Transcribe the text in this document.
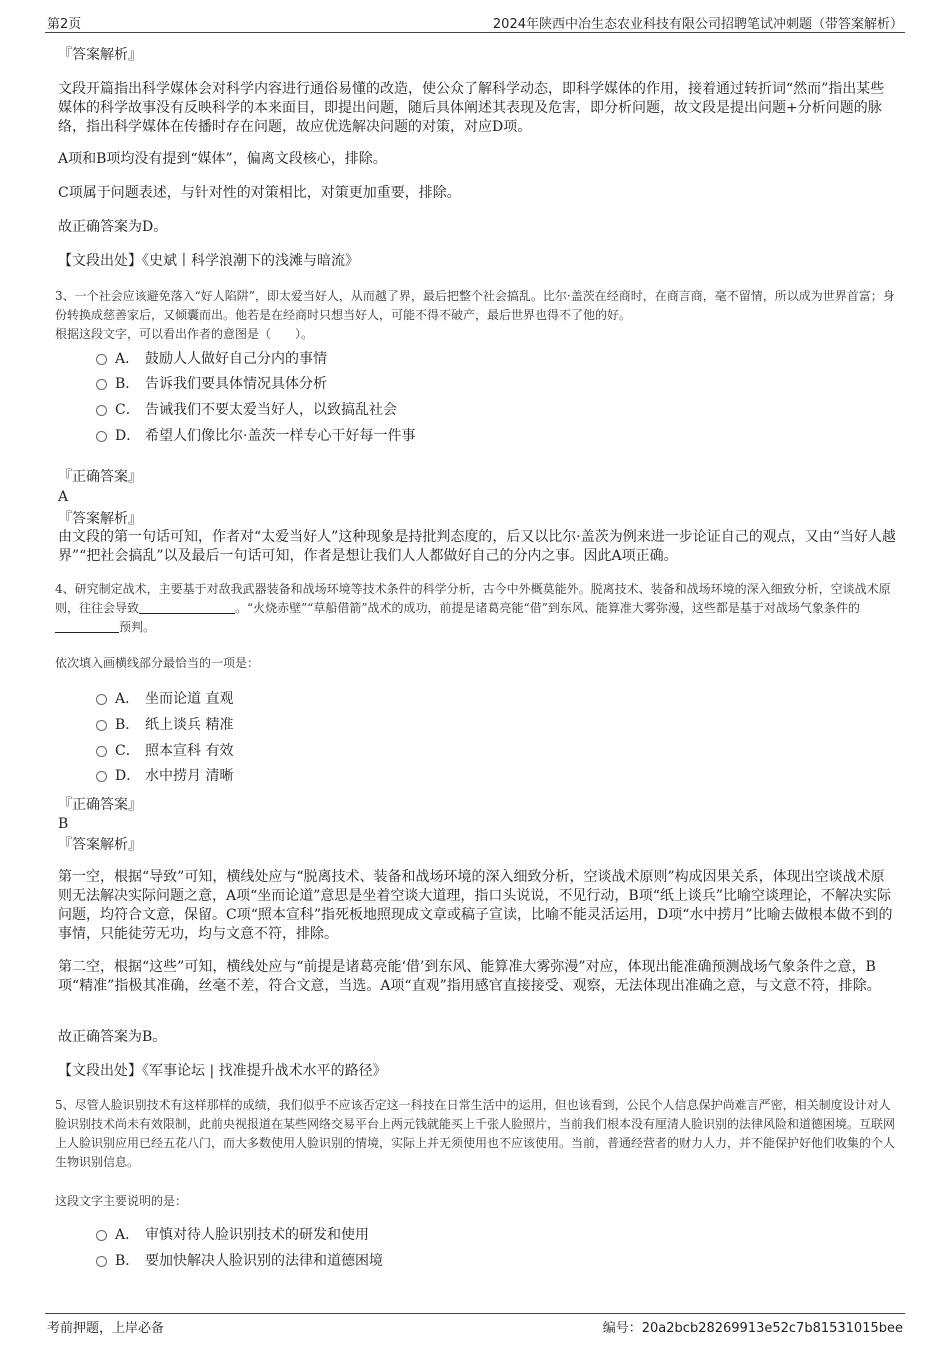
第2页	2024年陕西中冶生态农业科技有限公司招聘笔试冲刺题（带答案解析）
『答案解析』
文段开篇指出科学媒体会对科学内容进行通俗易懂的改造，使公众了解科学动态，即科学媒体的作用，接着通过转折词“然而”指出某些媒体的科学故事没有反映科学的本来面目，即提出问题，随后具体阐述其表现及危害，即分析问题，故文段是提出问题+分析问题的脉络，指出科学媒体在传播时存在问题，故应优选解决问题的对策，对应D项。
A项和B项均没有提到“媒体”，偏离文段核心，排除。
C项属于问题表述，与针对性的对策相比，对策更加重要，排除。
故正确答案为D。
【文段出处】《史斌丨科学浪潮下的浅滩与暗流》
3、一个社会应该避免落入“好人陷阱”，即太爱当好人，从而越了界，最后把整个社会搞乱。比尔·盖茨在经商时，在商言商，毫不留情，所以成为世界首富；身份转换成慈善家后，又倾囊而出。他若是在经商时只想当好人，可能不得不破产，最后世界也得不了他的好。
根据这段文字，可以看出作者的意图是（　　）。
A． 鼓励人人做好自己分内的事情
B． 告诉我们要具体情况具体分析
C． 告诫我们不要太爱当好人，以致搞乱社会
D． 希望人们像比尔·盖茨一样专心干好每一件事
『正确答案』
A
『答案解析』
由文段的第一句话可知，作者对“太爱当好人”这种现象是持批判态度的，后又以比尔·盖茨为例来进一步论证自己的观点，又由“当好人越界”“把社会搞乱”以及最后一句话可知，作者是想让我们人人都做好自己的分内之事。因此A项正确。
4、研究制定战术，主要基于对敌我武器装备和战场环境等技术条件的科学分析，古今中外概莫能外。脱离技术、装备和战场环境的深入细致分析，空谈战术原则，往往会导致	。“火烧赤壁”“草船借箭”战术的成功，前提是诸葛亮能“借”到东风、能算准大雾弥漫，这些都是基于对战场气象条件的预判。
依次填入画横线部分最恰当的一项是：
A． 坐而论道 直观
B． 纸上谈兵 精准
C． 照本宣科 有效
D． 水中捞月 清晰
『正确答案』
B
『答案解析』
第一空，根据“导致”可知，横线处应与“脱离技术、装备和战场环境的深入细致分析，空谈战术原则”构成因果关系，体现出空谈战术原则无法解决实际问题之意，A项“坐而论道”意思是坐着空谈大道理，指口头说说，不见行动，B项“纸上谈兵”比喻空谈理论，不解决实际问题，均符合文意，保留。C项“照本宣科”指死板地照现成文章或稿子宣读，比喻不能灵活运用，D项“水中捞月”比喻去做根本做不到的事情，只能徒劳无功，均与文意不符，排除。
第二空，根据“这些”可知，横线处应与“前提是诸葛亮能‘借’到东风、能算准大雾弥漫”对应，体现出能准确预测战场气象条件之意，B项“精准”指极其准确，丝毫不差，符合文意，当选。A项“直观”指用感官直接接受、观察，无法体现出准确之意，与文意不符，排除。
故正确答案为B。
【文段出处】《军事论坛 | 找准提升战术水平的路径》
5、尽管人脸识别技术有这样那样的成绩，我们似乎不应该否定这一科技在日常生活中的运用，但也该看到，公民个人信息保护尚难言严密，相关制度设计对人脸识别技术尚未有效限制，此前央视报道在某些网络交易平台上两元钱就能买上千张人脸照片，当前我们根本没有厘清人脸识别的法律风险和道德困境。互联网上人脸识别应用已经五花八门，而大多数使用人脸识别的情境，实际上并无须使用也不应该使用。当前，普通经营者的财力人力，并不能保护好他们收集的个人生物识别信息。
这段文字主要说明的是：
A． 审慎对待人脸识别技术的研发和使用
B． 要加快解决人脸识别的法律和道德困境
考前押题，上岸必备	编号：20a2bcb28269913e52c7b81531015bee
